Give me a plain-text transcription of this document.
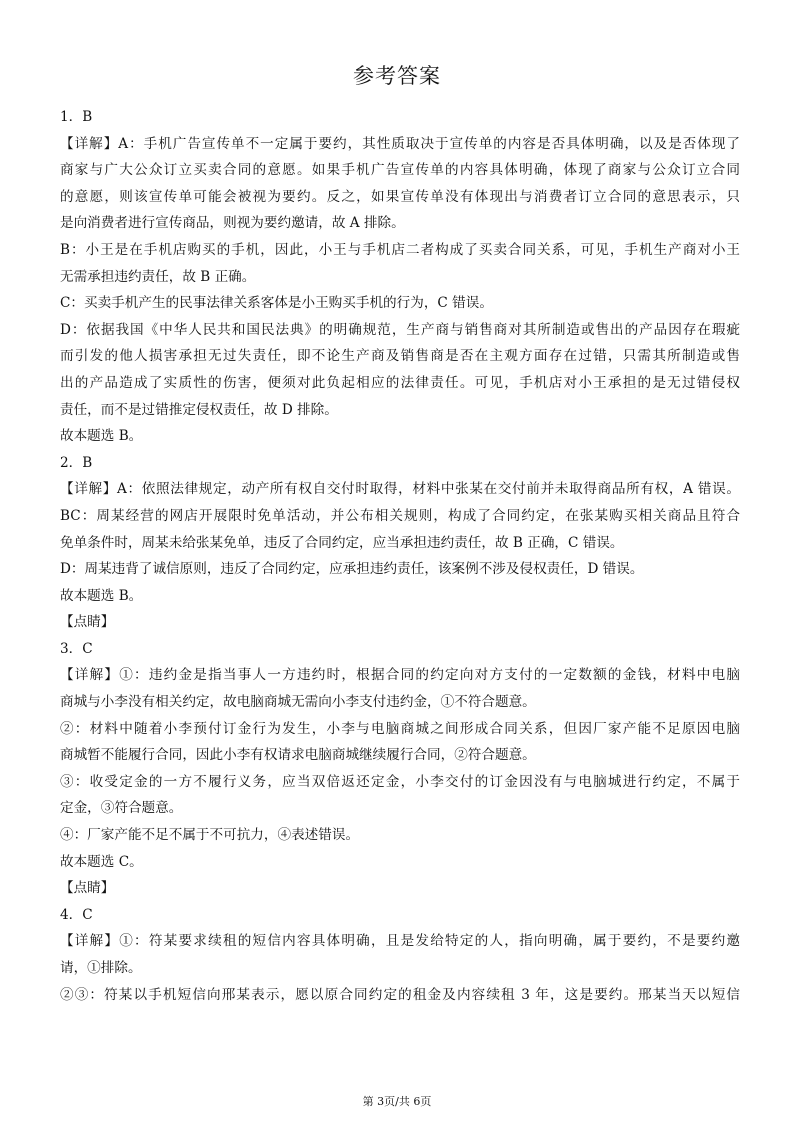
参考答案
1．B
【详解】A：手机广告宣传单不一定属于要约，其性质取决于宣传单的内容是否具体明确，以及是否体现了
商家与广大公众订立买卖合同的意愿。如果手机广告宣传单的内容具体明确，体现了商家与公众订立合同
的意愿，则该宣传单可能会被视为要约。反之，如果宣传单没有体现出与消费者订立合同的意思表示，只
是向消费者进行宣传商品，则视为要约邀请，故 A 排除。
B：小王是在手机店购买的手机，因此，小王与手机店二者构成了买卖合同关系，可见，手机生产商对小王
无需承担违约责任，故 B 正确。
C：买卖手机产生的民事法律关系客体是小王购买手机的行为，C 错误。
D：依据我国《中华人民共和国民法典》的明确规范，生产商与销售商对其所制造或售出的产品因存在瑕疵
而引发的他人损害承担无过失责任，即不论生产商及销售商是否在主观方面存在过错，只需其所制造或售
出的产品造成了实质性的伤害，便须对此负起相应的法律责任。可见，手机店对小王承担的是无过错侵权
责任，而不是过错推定侵权责任，故 D 排除。
故本题选 B。
2．B
【详解】A：依照法律规定，动产所有权自交付时取得，材料中张某在交付前并未取得商品所有权，A 错误。
BC：周某经营的网店开展限时免单活动，并公布相关规则，构成了合同约定，在张某购买相关商品且符合
免单条件时，周某未给张某免单，违反了合同约定，应当承担违约责任，故 B 正确，C 错误。
D：周某违背了诚信原则，违反了合同约定，应承担违约责任，该案例不涉及侵权责任，D 错误。
故本题选 B。
【点睛】
3．C
【详解】①：违约金是指当事人一方违约时，根据合同的约定向对方支付的一定数额的金钱，材料中电脑
商城与小李没有相关约定，故电脑商城无需向小李支付违约金，①不符合题意。
②：材料中随着小李预付订金行为发生，小李与电脑商城之间形成合同关系，但因厂家产能不足原因电脑
商城暂不能履行合同，因此小李有权请求电脑商城继续履行合同，②符合题意。
③：收受定金的一方不履行义务，应当双倍返还定金，小李交付的订金因没有与电脑城进行约定，不属于
定金，③符合题意。
④：厂家产能不足不属于不可抗力，④表述错误。
故本题选 C。
【点睛】
4．C
【详解】①：符某要求续租的短信内容具体明确，且是发给特定的人，指向明确，属于要约，不是要约邀
请，①排除。
②③：符某以手机短信向邢某表示，愿以原合同约定的租金及内容续租 3 年，这是要约。邢某当天以短信
第 3页/共 6页
